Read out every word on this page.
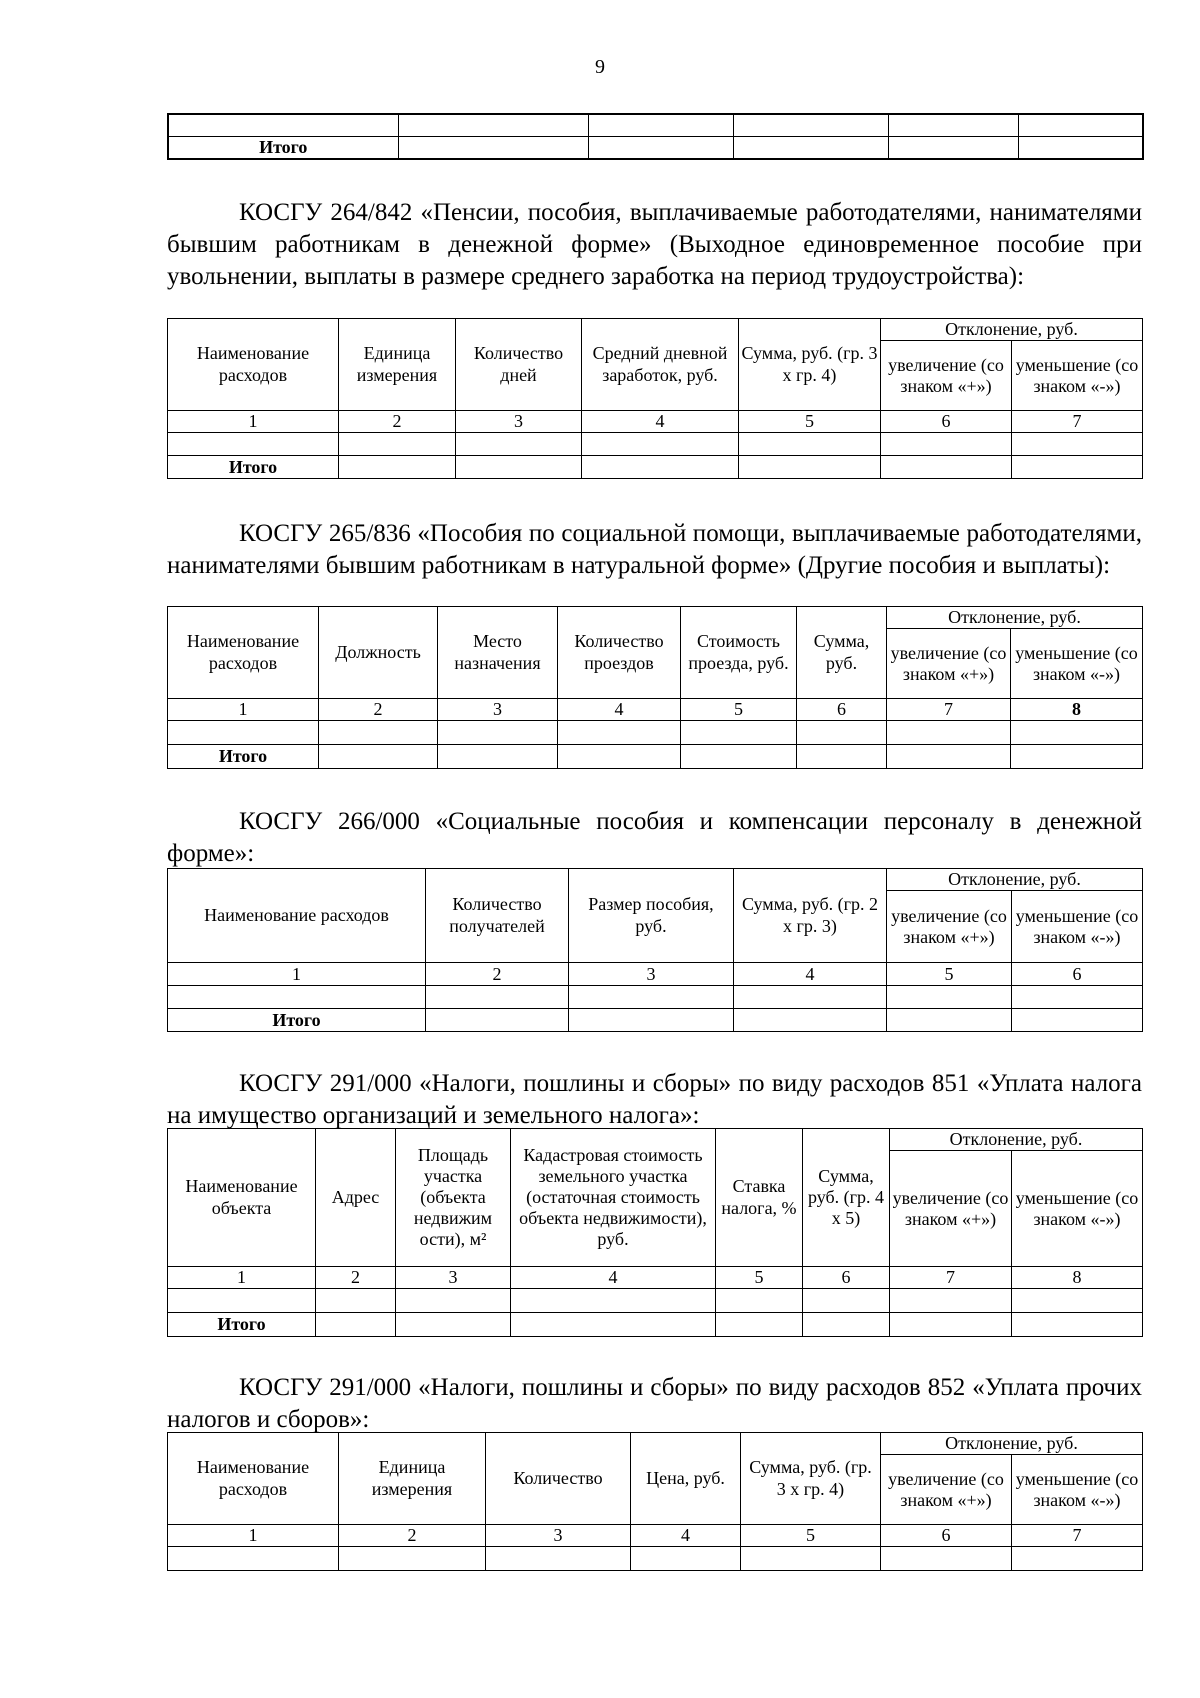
9

Итого					

КОСГУ 264/842 «Пенсии, пособия, выплачиваемые работодателями, нанимателями бывшим работникам в денежной форме» (Выходное единовременное пособие при увольнении, выплаты в размере среднего заработка на период трудоустройства):

Наименование расходов	Единица измерения	Количество дней	Средний дневной заработок, руб.	Сумма, руб. (гр. 3 х гр. 4)	Отклонение, руб.	
					увеличение (со знаком «+»)	уменьшение (со знаком «-»)
1	2	3	4	5	6	7

Итого						

КОСГУ 265/836 «Пособия по социальной помощи, выплачиваемые работодателями, нанимателями бывшим работникам в натуральной форме» (Другие пособия и выплаты):

Наименование расходов	Должность	Место назначения	Количество проездов	Стоимость проезда, руб.	Сумма, руб.	Отклонение, руб.	
						увеличение (со знаком «+»)	уменьшение (со знаком «-»)
1	2	3	4	5	6	7	8

Итого							

КОСГУ 266/000 «Социальные пособия и компенсации персоналу в денежной форме»:

Наименование расходов	Количество получателей	Размер пособия, руб.	Сумма, руб. (гр. 2 х гр. 3)	Отклонение, руб.	
				увеличение (со знаком «+»)	уменьшение (со знаком «-»)
1	2	3	4	5	6

Итого					

КОСГУ 291/000 «Налоги, пошлины и сборы» по виду расходов 851 «Уплата налога на имущество организаций и земельного налога»:

Наименование объекта	Адрес	Площадь участка (объекта недвижим ости), м²	Кадастровая стоимость земельного участка (остаточная стоимость объекта недвижимости), руб.	Ставка налога, %	Сумма, руб. (гр. 4 х 5)	Отклонение, руб.	
						увеличение (со знаком «+»)	уменьшение (со знаком «-»)
1	2	3	4	5	6	7	8

Итого							

КОСГУ 291/000 «Налоги, пошлины и сборы» по виду расходов 852 «Уплата прочих налогов и сборов»:

Наименование расходов	Единица измерения	Количество	Цена, руб.	Сумма, руб. (гр. 3 х гр. 4)	Отклонение, руб.	
					увеличение (со знаком «+»)	уменьшение (со знаком «-»)
1	2	3	4	5	6	7
